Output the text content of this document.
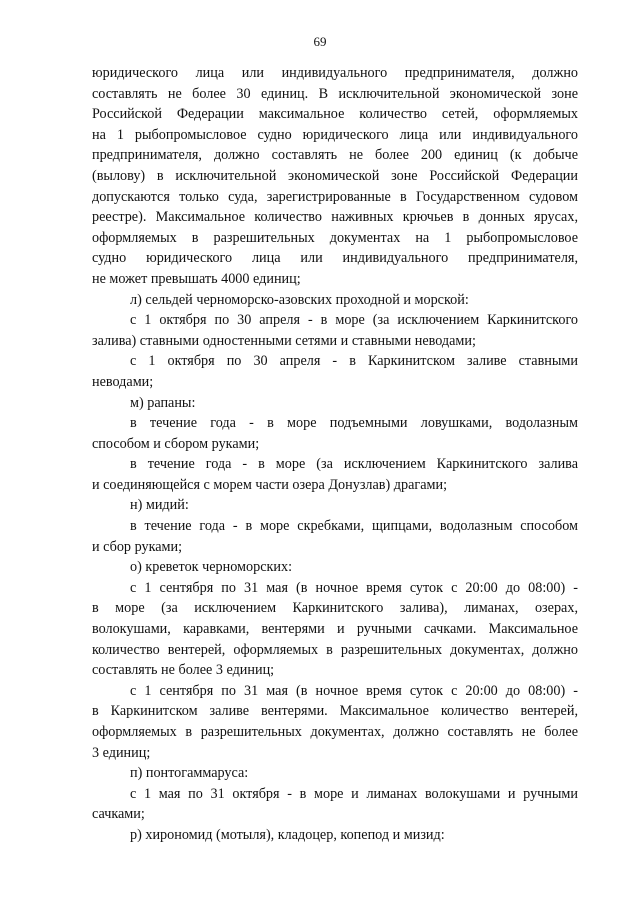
69
юридического лица или индивидуального предпринимателя, должно
составлять не более 30 единиц. В исключительной экономической зоне
Российской Федерации максимальное количество сетей, оформляемых
на 1 рыбопромысловое судно юридического лица или индивидуального
предпринимателя, должно составлять не более 200 единиц (к добыче
(вылову) в исключительной экономической зоне Российской Федерации
допускаются только суда, зарегистрированные в Государственном судовом
реестре). Максимальное количество наживных крючьев в донных ярусах,
оформляемых в разрешительных документах на 1 рыбопромысловое
судно юридического лица или индивидуального предпринимателя,
не может превышать 4000 единиц;
л) сельдей черноморско-азовских проходной и морской:
с 1 октября по 30 апреля - в море (за исключением Каркинитского
залива) ставными одностенными сетями и ставными неводами;
с 1 октября по 30 апреля - в Каркинитском заливе ставными
неводами;
м) рапаны:
в течение года - в море подъемными ловушками, водолазным
способом и сбором руками;
в течение года - в море (за исключением Каркинитского залива
и соединяющейся с морем части озера Донузлав) драгами;
н) мидий:
в течение года - в море скребками, щипцами, водолазным способом
и сбор руками;
о) креветок черноморских:
с 1 сентября по 31 мая (в ночное время суток с 20:00 до 08:00) -
в море (за исключением Каркинитского залива), лиманах, озерах,
волокушами, каравками, вентерями и ручными сачками. Максимальное
количество вентерей, оформляемых в разрешительных документах, должно
составлять не более 3 единиц;
с 1 сентября по 31 мая (в ночное время суток с 20:00 до 08:00) -
в Каркинитском заливе вентерями. Максимальное количество вентерей,
оформляемых в разрешительных документах, должно составлять не более
3 единиц;
п) понтогаммаруса:
с 1 мая по 31 октября - в море и лиманах волокушами и ручными
сачками;
р) хирономид (мотыля), кладоцер, копепод и мизид:
